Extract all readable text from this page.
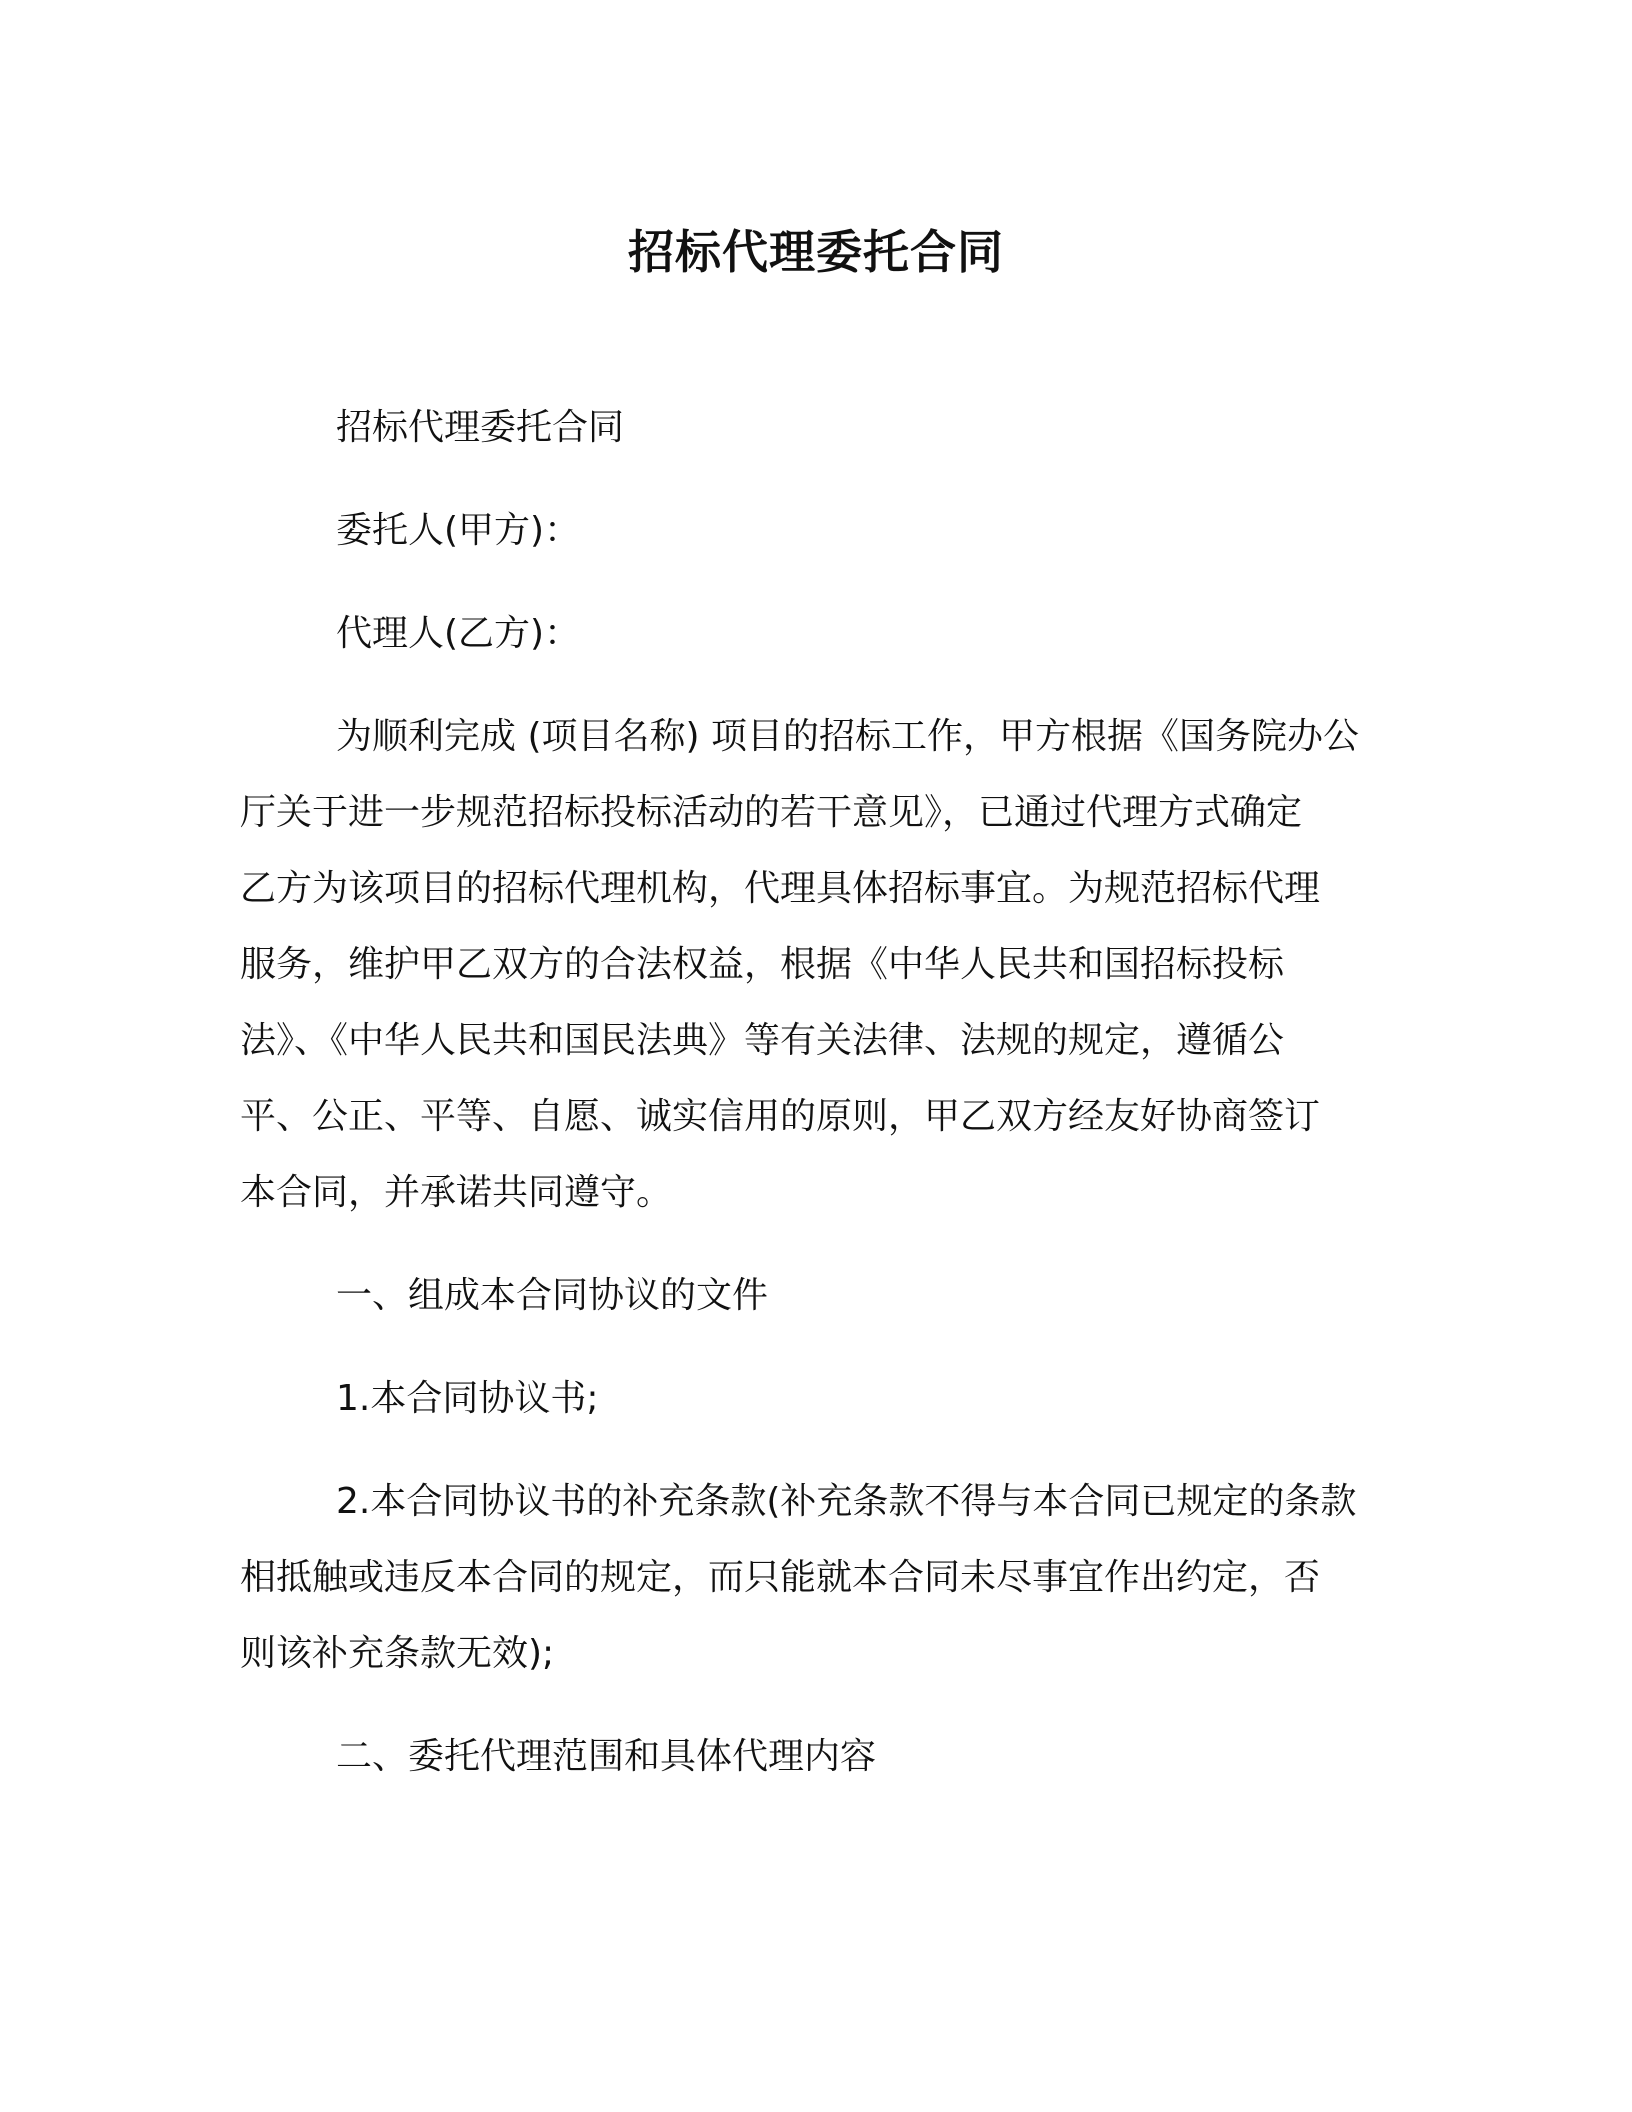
招标代理委托合同

招标代理委托合同

委托人(甲方)：

代理人(乙方)：

为顺利完成 (项目名称) 项目的招标工作，甲方根据《国务院办公
厅关于进一步规范招标投标活动的若干意见》，已通过代理方式确定
乙方为该项目的招标代理机构，代理具体招标事宜。为规范招标代理
服务，维护甲乙双方的合法权益，根据《中华人民共和国招标投标
法》、《中华人民共和国民法典》等有关法律、法规的规定，遵循公
平、公正、平等、自愿、诚实信用的原则，甲乙双方经友好协商签订
本合同，并承诺共同遵守。

一、组成本合同协议的文件

1.本合同协议书;

2.本合同协议书的补充条款(补充条款不得与本合同已规定的条款
相抵触或违反本合同的规定，而只能就本合同未尽事宜作出约定，否
则该补充条款无效);

二、委托代理范围和具体代理内容
